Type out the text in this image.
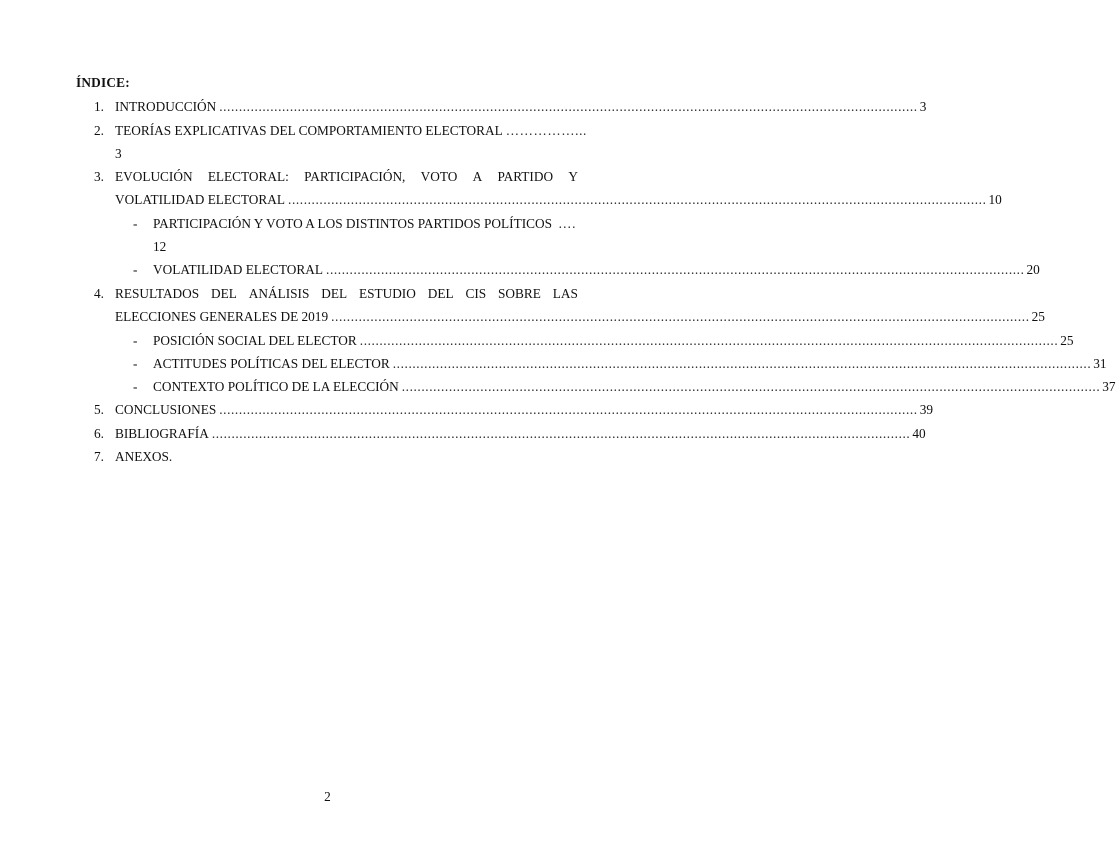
ÍNDICE:
1. INTRODUCCIÓN .................................................................................................................................................................................. 3
2. TEORÍAS EXPLICATIVAS DEL COMPORTAMIENTO ELECTORAL ……………...
3
3. EVOLUCIÓN ELECTORAL: PARTICIPACIÓN, VOTO A PARTIDO Y
VOLATILIDAD ELECTORAL .................................................................................................................................................................................. 10
- PARTICIPACIÓN Y VOTO A LOS DISTINTOS PARTIDOS POLÍTICOS ….
12
- VOLATILIDAD ELECTORAL .................................................................................................................................................................................. 20
4. RESULTADOS DEL ANÁLISIS DEL ESTUDIO DEL CIS SOBRE LAS
ELECCIONES GENERALES DE 2019 .................................................................................................................................................................................. 25
- POSICIÓN SOCIAL DEL ELECTOR .................................................................................................................................................................................. 25
- ACTITUDES POLÍTICAS DEL ELECTOR .................................................................................................................................................................................. 31
- CONTEXTO POLÍTICO DE LA ELECCIÓN .................................................................................................................................................................................. 37
5. CONCLUSIONES .................................................................................................................................................................................. 39
6. BIBLIOGRAFÍA .................................................................................................................................................................................. 40
7. ANEXOS.
2
